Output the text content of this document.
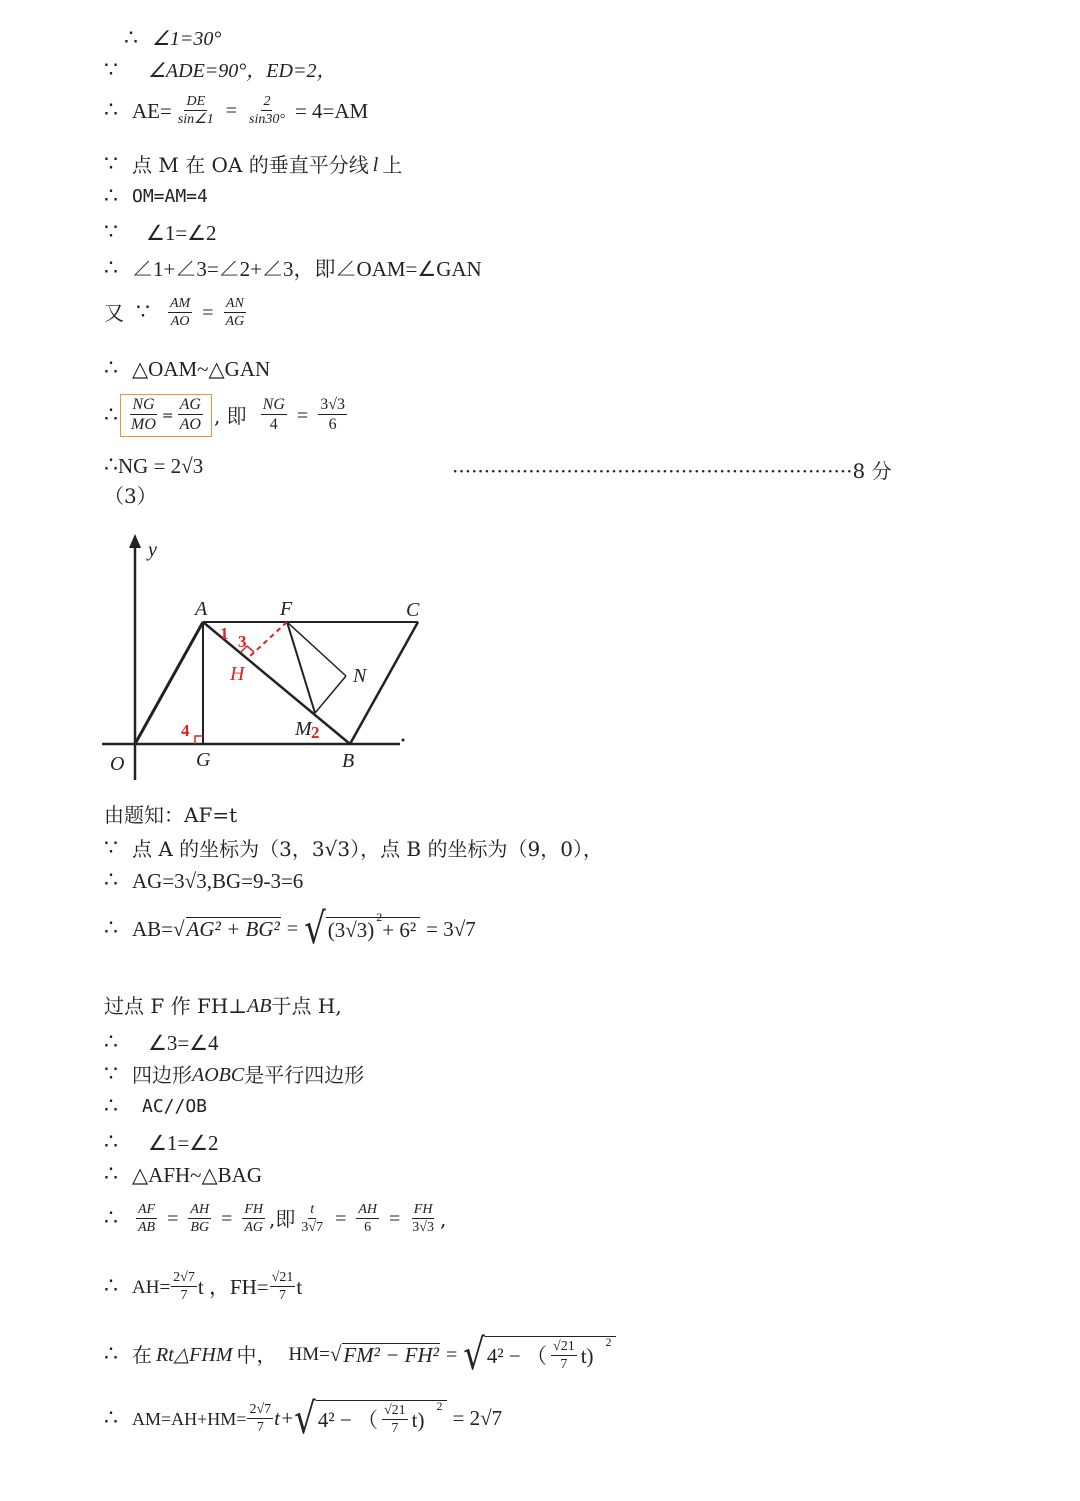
∴ ∠1=30°
∵ ∠ADE=90°，ED=2，
∴ $AE= \frac{DE}{\sin\angle 1} = \frac{2}{\sin 30^\circ} = 4=AM$
∵ 点 M 在 OA 的垂直平分线 l 上
∴ OM=AM=4
∵ ∠1=∠2
∴ ∠1+∠3=∠2+∠3，即∠OAM=∠GAN
又 ∵ $\frac{AM}{AO} = \frac{AN}{AG}$
∴ △OAM~△GAN
∴ $\frac{NG}{MO} = \frac{AG}{AO}$ , 即 $\frac{NG}{4} = \frac{3√3}{6}$
∴ NG = 2√3	·······························································8 分
（3）
y
A	F	C
H	N
M
O	G	B
1 3
2
4
由题知：AF=t
∵ 点 A 的坐标为（3，3√3），点 B 的坐标为（9，0），
∴ AG=3√3,BG=9-3=6
∴ AB= √ AG² + BG² = √ (3√3)
$^2$
+ 6² = 3√7
过点 F 作 FH⊥ AB 于点 H,
∴ ∠3=∠4
∵ 四边形 AOBC 是平行四边形
∴ AC//OB
∴ ∠1=∠2
∴ △AFH~△BAG
∴ $\frac{AF}{AB} = \frac{AH}{BG} = \frac{FH}{AG}$ ,即 $\frac{t}{3√7} = \frac{AH}{6} = \frac{FH}{3√3}$ ,
∴ $AH= \frac{2√7}{7}$ t ，$FH= \frac{√21}{7}$ t
∴ 在 Rt△FHM 中， HM= √ FM² − FH² = √ 4² − （ $\frac{√21}{7} t$)
$^2$
∴ $AM=AH+HM= \frac{2√7}{7} t+$ √ 4² − （ $\frac{√21}{7} t$)
$^2$ = 2√7
